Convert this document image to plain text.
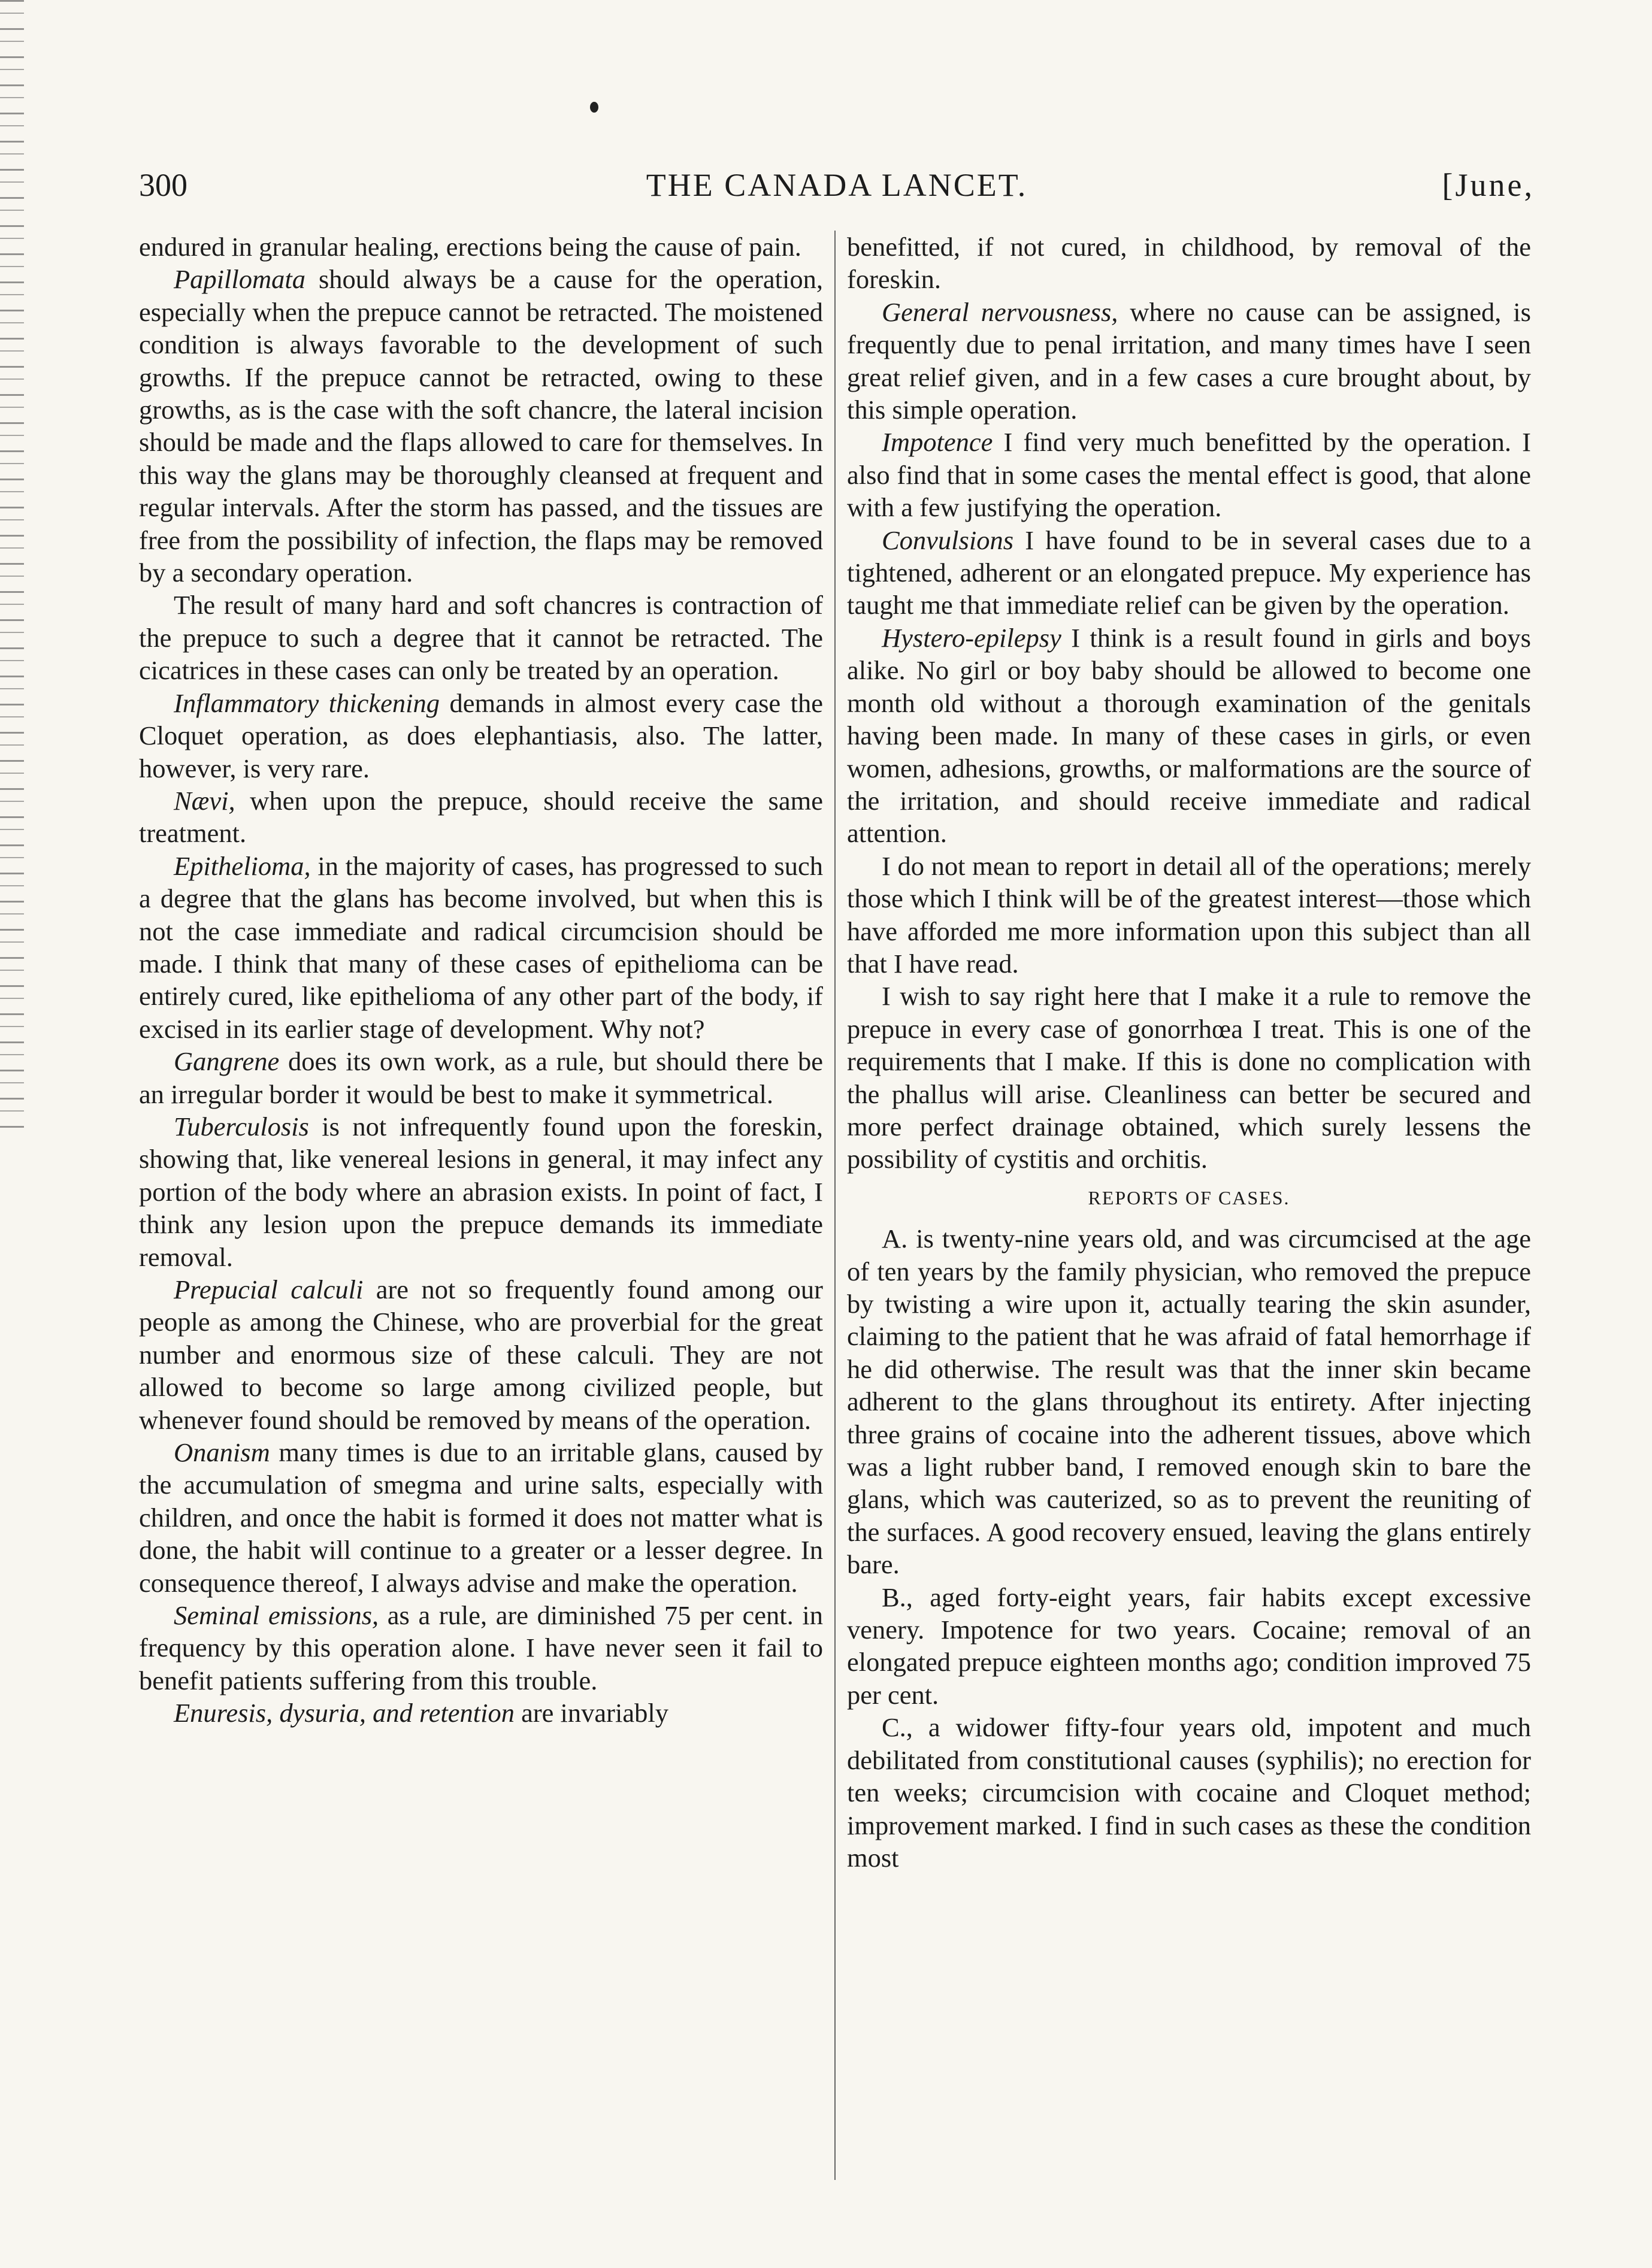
300	THE CANADA LANCET.	[June,

endured in granular healing, erections being the cause of pain.

Papillomata should always be a cause for the operation, especially when the prepuce cannot be retracted. The moistened condition is always favorable to the development of such growths. If the prepuce cannot be retracted, owing to these growths, as is the case with the soft chancre, the lateral incision should be made and the flaps allowed to care for themselves. In this way the glans may be thoroughly cleansed at frequent and regular intervals. After the storm has passed, and the tissues are free from the possibility of infection, the flaps may be removed by a secondary operation.

The result of many hard and soft chancres is contraction of the prepuce to such a degree that it cannot be retracted. The cicatrices in these cases can only be treated by an operation.

Inflammatory thickening demands in almost every case the Cloquet operation, as does elephantiasis, also. The latter, however, is very rare.

Nævi, when upon the prepuce, should receive the same treatment.

Epithelioma, in the majority of cases, has progressed to such a degree that the glans has become involved, but when this is not the case immediate and radical circumcision should be made. I think that many of these cases of epithelioma can be entirely cured, like epithelioma of any other part of the body, if excised in its earlier stage of development. Why not?

Gangrene does its own work, as a rule, but should there be an irregular border it would be best to make it symmetrical.

Tuberculosis is not infrequently found upon the foreskin, showing that, like venereal lesions in general, it may infect any portion of the body where an abrasion exists. In point of fact, I think any lesion upon the prepuce demands its immediate removal.

Prepucial calculi are not so frequently found among our people as among the Chinese, who are proverbial for the great number and enormous size of these calculi. They are not allowed to become so large among civilized people, but whenever found should be removed by means of the operation.

Onanism many times is due to an irritable glans, caused by the accumulation of smegma and urine salts, especially with children, and once the habit is formed it does not matter what is done, the habit will continue to a greater or a lesser degree. In consequence thereof, I always advise and make the operation.

Seminal emissions, as a rule, are diminished 75 per cent. in frequency by this operation alone. I have never seen it fail to benefit patients suffering from this trouble.

Enuresis, dysuria, and retention are invariably

benefitted, if not cured, in childhood, by removal of the foreskin.

General nervousness, where no cause can be assigned, is frequently due to penal irritation, and many times have I seen great relief given, and in a few cases a cure brought about, by this simple operation.

Impotence I find very much benefitted by the operation. I also find that in some cases the mental effect is good, that alone with a few justifying the operation.

Convulsions I have found to be in several cases due to a tightened, adherent or an elongated prepuce. My experience has taught me that immediate relief can be given by the operation.

Hystero-epilepsy I think is a result found in girls and boys alike. No girl or boy baby should be allowed to become one month old without a thorough examination of the genitals having been made. In many of these cases in girls, or even women, adhesions, growths, or malformations are the source of the irritation, and should receive immediate and radical attention.

I do not mean to report in detail all of the operations; merely those which I think will be of the greatest interest—those which have afforded me more information upon this subject than all that I have read.

I wish to say right here that I make it a rule to remove the prepuce in every case of gonorrhœa I treat. This is one of the requirements that I make. If this is done no complication with the phallus will arise. Cleanliness can better be secured and more perfect drainage obtained, which surely lessens the possibility of cystitis and orchitis.

REPORTS OF CASES.

A. is twenty-nine years old, and was circumcised at the age of ten years by the family physician, who removed the prepuce by twisting a wire upon it, actually tearing the skin asunder, claiming to the patient that he was afraid of fatal hemorrhage if he did otherwise. The result was that the inner skin became adherent to the glans throughout its entirety. After injecting three grains of cocaine into the adherent tissues, above which was a light rubber band, I removed enough skin to bare the glans, which was cauterized, so as to prevent the reuniting of the surfaces. A good recovery ensued, leaving the glans entirely bare.

B., aged forty-eight years, fair habits except excessive venery. Impotence for two years. Cocaine; removal of an elongated prepuce eighteen months ago; condition improved 75 per cent.

C., a widower fifty-four years old, impotent and much debilitated from constitutional causes (syphilis); no erection for ten weeks; circumcision with cocaine and Cloquet method; improvement marked. I find in such cases as these the condition most
